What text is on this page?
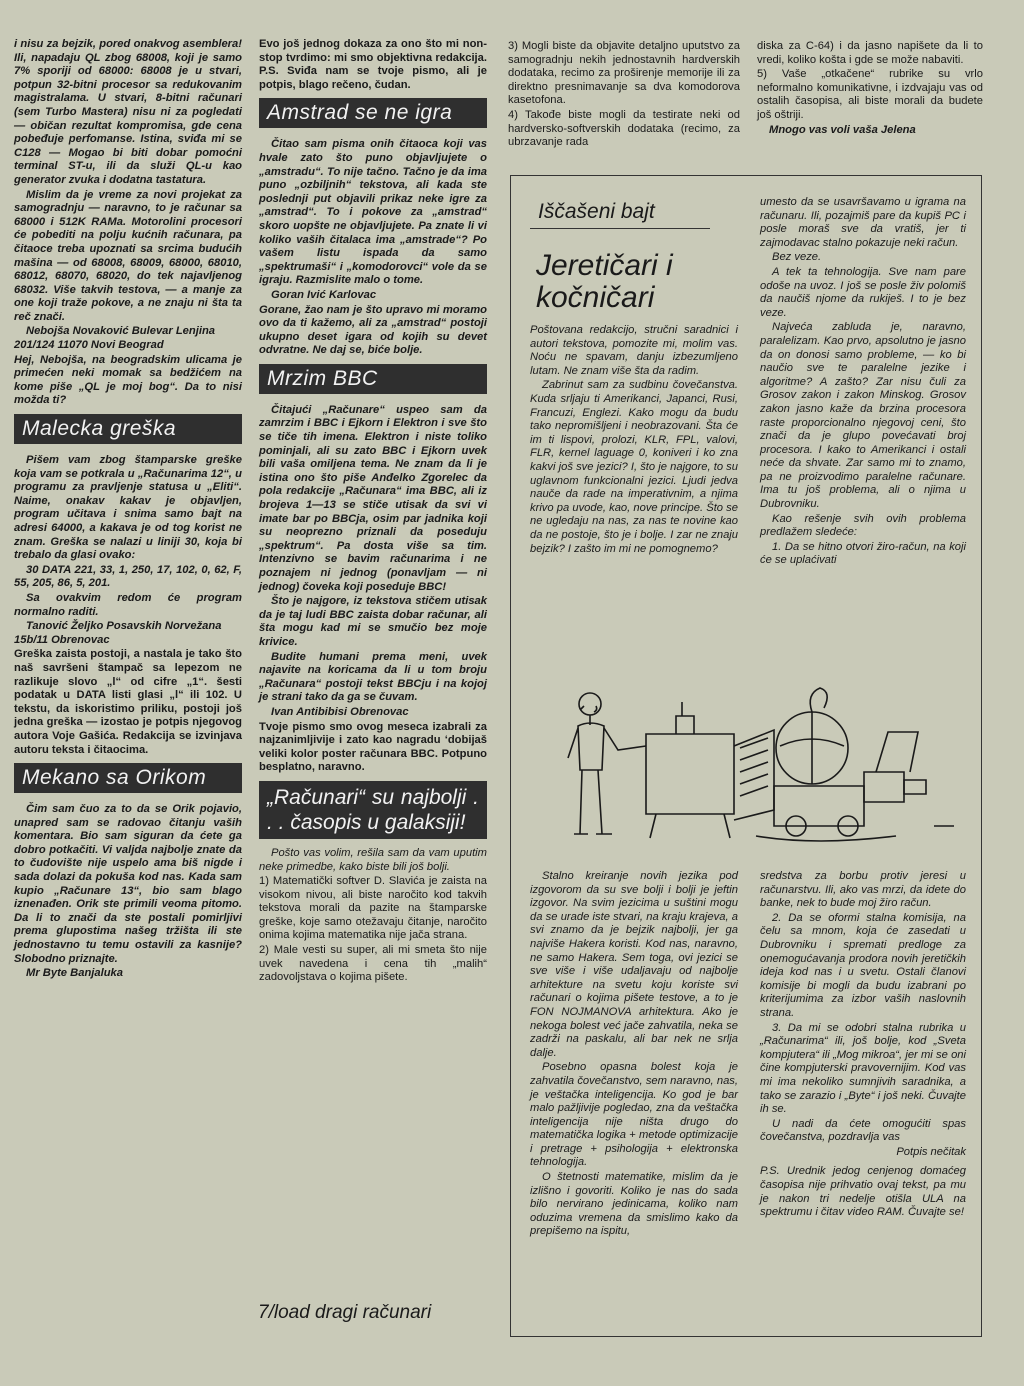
i nisu za bejzik, pored onakvog asemblera! Ili, napadaju QL zbog 68008, koji je samo 7% sporiji od 68000: 68008 je u stvari, potpun 32-bitni procesor sa redukovanim magistralama. U stvari, 8-bitni računari (sem Turbo Mastera) nisu ni za pogledati — običan rezultat kompromisa, gde cena pobeđuje perfomanse. Istina, sviđa mi se C128 — Mogao bi biti dobar pomoćni terminal ST-u, ili da služi QL-u kao generator zvuka i dodatna tastatura.

Mislim da je vreme za novi projekat za samogradnju — naravno, to je računar sa 68000 i 512K RAMa. Motorolini procesori će pobediti na polju kućnih računara, pa čitaoce treba upoznati sa srcima budućih mašina — od 68008, 68009, 68000, 68010, 68012, 68070, 68020, do tek najavljenog 68032. Više takvih testova, — a manje za one koji traže pokove, a ne znaju ni šta ta reč znači.

Nebojša Novaković Bulevar Lenjina 201/124 11070 Novi Beograd

Hej, Nebojša, na beogradskim ulicama je primećen neki momak sa bedžićem na kome piše „QL je moj bog“. Da to nisi možda ti?

Malecka greška

Pišem vam zbog štamparske greške koja vam se potkrala u „Računarima 12“, u programu za pravljenje statusa u „Eliti“. Naime, onakav kakav je objavljen, program učitava i snima samo bajt na adresi 64000, a kakava je od tog korist ne znam. Greška se nalazi u liniji 30, koja bi trebalo da glasi ovako:

30 DATA 221, 33, 1, 250, 17, 102, 0, 62, F, 55, 205, 86, 5, 201.

Sa ovakvim redom će program normalno raditi.

Tanović Željko Posavskih Norvežana 15b/11 Obrenovac

Greška zaista postoji, a nastala je tako što naš savršeni štampač sa lepezom ne razlikuje slovo „l“ od cifre „1“. šesti podatak u DATA listi glasi „l“ ili 102. U tekstu, da iskoristimo priliku, postoji još jedna greška — izostao je potpis njegovog autora Voje Gašića. Redakcija se izvinjava autoru teksta i čitaocima.

Mekano sa Orikom

Čim sam čuo za to da se Orik pojavio, unapred sam se radovao čitanju vaših komentara. Bio sam siguran da ćete ga dobro potkačiti. Vi valjda najbolje znate da to čudovište nije uspelo ama biš nigde i sada dolazi da pokuša kod nas. Kada sam kupio „Računare 13“, bio sam blago iznenađen. Orik ste primili veoma pitomo. Da li to znači da ste postali pomirljivi prema glupostima našeg tržišta ili ste jednostavno tu temu ostavili za kasnije? Slobodno priznajte.

Mr Byte Banjaluka

Evo još jednog dokaza za ono što mi non-stop tvrdimo: mi smo objektivna redakcija. P.S. Sviđa nam se tvoje pismo, ali je potpis, blago rečeno, čudan.

Amstrad se ne igra

Čitao sam pisma onih čitaoca koji vas hvale zato što puno objavljujete o „amstradu“. To nije tačno. Tačno je da ima puno „ozbiljnih“ tekstova, ali kada ste poslednji put objavili prikaz neke igre za „amstrad“. To i pokove za „amstrad“ skoro uopšte ne objavljujete. Pa znate li vi koliko vaših čitalaca ima „amstrade“? Po vašem listu ispada da samo „spektrumaši“ i „komodorovci“ vole da se igraju. Razmislite malo o tome.

Goran Ivić Karlovac

Gorane, žao nam je što upravo mi moramo ovo da ti kažemo, ali za „amstrad“ postoji ukupno deset igara od kojih su devet odvratne. Ne daj se, biće bolje.

Mrzim BBC

Čitajući „Računare“ uspeo sam da zamrzim i BBC i Ejkorn i Elektron i sve što se tiče tih imena. Elektron i niste toliko pominjali, ali su zato BBC i Ejkorn uvek bili vaša omiljena tema. Ne znam da li je istina ono što piše Anđelko Zgorelec da pola redakcije „Računara“ ima BBC, ali iz brojeva 1—13 se stiče utisak da svi vi imate bar po BBCja, osim par jadnika koji su neoprezno priznali da poseduju „spektrum“. Pa dosta više sa tim. Intenzivno se bavim računarima i ne poznajem ni jednog (ponavljam — ni jednog) čoveka koji poseduje BBC!

Što je najgore, iz tekstova stičem utisak da je taj ludi BBC zaista dobar računar, ali šta mogu kad mi se smučio bez moje krivice.

Budite humani prema meni, uvek najavite na koricama da li u tom broju „Računara“ postoji tekst BBCju i na kojoj je strani tako da ga se čuvam.

Ivan Antibibisi Obrenovac

Tvoje pismo smo ovog meseca izabrali za najzanimljivije i zato kao nagradu ‘dobijaš veliki kolor poster računara BBC. Potpuno besplatno, naravno.

„Računari“ su najbolji . . . časopis u galaksiji!

Pošto vas volim, rešila sam da vam uputim neke primedbe, kako biste bili još bolji.

1) Matematički softver D. Slavića je zaista na visokom nivou, ali biste naročito kod takvih tekstova morali da pazite na štamparske greške, koje samo otežavaju čitanje, naročito onima kojima matematika nije jača strana.

2) Male vesti su super, ali mi smeta što nije uvek navedena i cena tih „malih“ zadovoljstava o kojima pišete.

3) Mogli biste da objavite detaljno uputstvo za samogradnju nekih jednostavnih hardverskih dodataka, recimo za proširenje memorije ili za direktno presnimavanje sa dva komodorova kasetofona.

4) Takođe biste mogli da testirate neki od hardversko-softverskih dodataka (recimo, za ubrzavanje rada

diska za C-64) i da jasno napišete da li to vredi, koliko košta i gde se može nabaviti.

5) Vaše „otkačene“ rubrike su vrlo neformalno komunikativne, i izdvajaju vas od ostalih časopisa, ali biste morali da budete još oštriji.

Mnogo vas voli vaša Jelena

Iščašeni bajt
Jeretičari i kočničari

Poštovana redakcijo, stručni saradnici i autori tekstova, pomozite mi, molim vas. Noću ne spavam, danju izbezumljeno lutam. Ne znam više šta da radim.

Zabrinut sam za sudbinu čovečanstva. Kuda srljaju ti Amerikanci, Japanci, Rusi, Francuzi, Englezi. Kako mogu da budu tako nepromišljeni i neobrazovani. Šta će im ti lispovi, prolozi, KLR, FPL, valovi, FLR, kernel laguage 0, koniveri i ko zna kakvi još sve jezici? I, što je najgore, to su uglavnom funkcionalni jezici. Ljudi jedva nauče da rade na imperativnim, a njima krivo pa uvode, kao, nove principe. Što se ne ugledaju na nas, za nas te novine kao da ne postoje, što je i bolje. I zar ne znaju bejzik? I zašto im mi ne pomognemo?

umesto da se usavršavamo u igrama na računaru. Ili, pozajmiš pare da kupiš PC i posle moraš sve da vratiš, jer ti zajmodavac stalno pokazuje neki račun.

Bez veze.

A tek ta tehnologija. Sve nam pare odoše na uvoz. I još se posle živ polomiš da naučiš njome da rukiješ. I to je bez veze.

Najveća zabluda je, naravno, paralelizam. Kao prvo, apsolutno je jasno da on donosi samo probleme, — ko bi naučio sve te paralelne jezike i algoritme? A zašto? Zar nisu čuli za Grosov zakon i zakon Minskog. Grosov zakon jasno kaže da brzina procesora raste proporcionalno njegovoj ceni, što znači da je glupo povećavati broj procesora. I kako to Amerikanci i ostali neće da shvate. Zar samo mi to znamo, pa ne proizvodimo paralelne računare. Ima tu još problema, ali o njima u Dubrovniku.

Kao rešenje svih ovih problema predlažem sledeće:

1. Da se hitno otvori žiro-račun, na koji će se uplaćivati

Stalno kreiranje novih jezika pod izgovorom da su sve bolji i bolji je jeftin izgovor. Na svim jezicima u suštini mogu da se urade iste stvari, na kraju krajeva, a svi znamo da je bejzik najbolji, jer ga najviše Hakera koristi. Kod nas, naravno, ne samo Hakera. Sem toga, ovi jezici se sve više i više udaljavaju od najbolje arhitekture na svetu koju koriste svi računari o kojima pišete testove, a to je FON NOJMANOVA arhitektura. Ako je nekoga bolest već jače zahvatila, neka se zadrži na paskalu, ali bar nek ne srlja dalje.

Posebno opasna bolest koja je zahvatila čovečanstvo, sem naravno, nas, je veštačka inteligencija. Ko god je bar malo pažljivije pogledao, zna da veštačka inteligencija nije ništa drugo do matematička logika + metode optimizacije i pretrage + psihologija + elektronska tehnologija.

O štetnosti matematike, mislim da je izlišno i govoriti. Koliko je nas do sada bilo nervirano jedinicama, koliko nam oduzima vremena da smislimo kako da prepišemo na ispitu,

sredstva za borbu protiv jeresi u računarstvu. Ili, ako vas mrzi, da idete do banke, nek to bude moj žiro račun.

2. Da se oformi stalna komisija, na čelu sa mnom, koja će zasedati u Dubrovniku i spremati predloge za onemogućavanja prodora novih jeretičkih ideja kod nas i u svetu. Ostali članovi komisije bi mogli da budu izabrani po kriterijumima za izbor vaših naslovnih strana.

3. Da mi se odobri stalna rubrika u „Računarima“ ili, još bolje, kod „Sveta kompjutera“ ili „Mog mikroa“, jer mi se oni čine kompjuterski pravovernijim. Kod vas mi ima nekoliko sumnjivih saradnika, a tako se zarazio i „Byte“ i još neki. Čuvajte ih se.

U nadi da ćete omogućiti spas čovečanstva, pozdravlja vas

Potpis nečitak

P.S. Urednik jedog cenjenog domaćeg časopisa nije prihvatio ovaj tekst, pa mu je nakon tri nedelje otišla ULA na spektrumu i čitav video RAM. Čuvajte se!

7/load dragi računari
